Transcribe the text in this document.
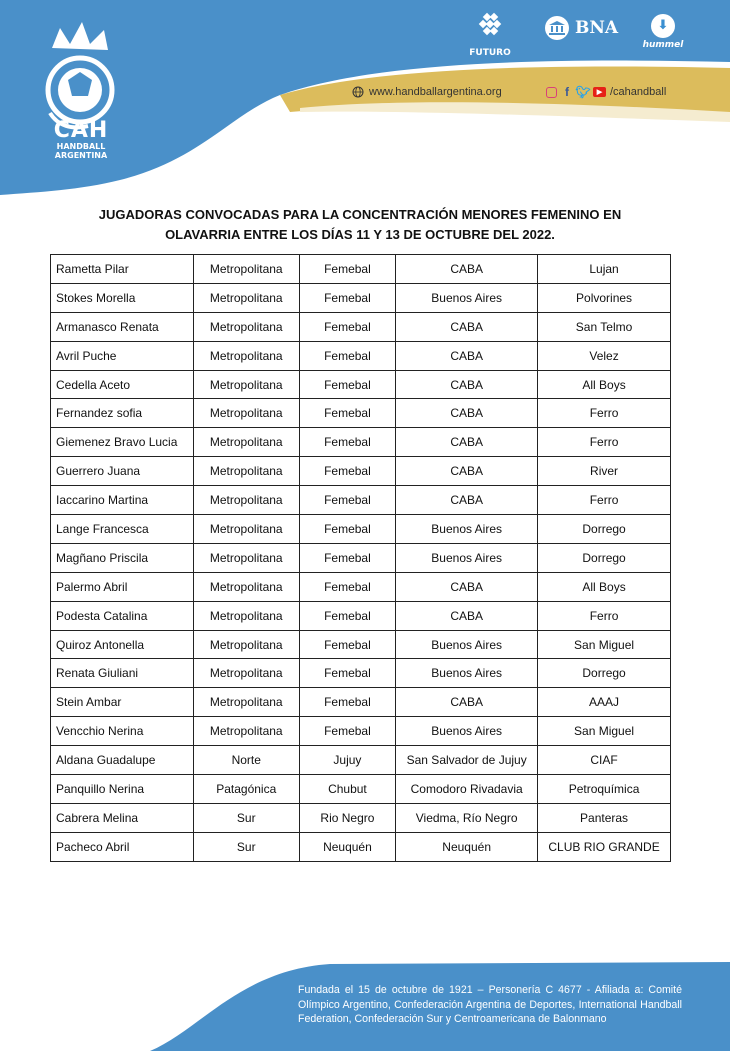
CAH
HANDBALL
ARGENTINA
FUTURO
BNA	⬇
hummel
www.handballargentina.org	f 🐦︎ ▶ /cahandball
JUGADORAS CONVOCADAS PARA LA CONCENTRACIÓN MENORES FEMENINO EN
OLAVARRIA ENTRE LOS DÍAS 11 Y 13 DE OCTUBRE DEL 2022.
Rametta Pilar	Metropolitana	Femebal	CABA	Lujan
Stokes Morella	Metropolitana	Femebal	Buenos Aires	Polvorines
Armanasco Renata	Metropolitana	Femebal	CABA	San Telmo
Avril Puche	Metropolitana	Femebal	CABA	Velez
Cedella Aceto	Metropolitana	Femebal	CABA	All Boys
Fernandez sofia	Metropolitana	Femebal	CABA	Ferro
Giemenez Bravo Lucia	Metropolitana	Femebal	CABA	Ferro
Guerrero Juana	Metropolitana	Femebal	CABA	River
Iaccarino Martina	Metropolitana	Femebal	CABA	Ferro
Lange Francesca	Metropolitana	Femebal	Buenos Aires	Dorrego
Magñano Priscila	Metropolitana	Femebal	Buenos Aires	Dorrego
Palermo Abril	Metropolitana	Femebal	CABA	All Boys
Podesta Catalina	Metropolitana	Femebal	CABA	Ferro
Quiroz Antonella	Metropolitana	Femebal	Buenos Aires	San Miguel
Renata Giuliani	Metropolitana	Femebal	Buenos Aires	Dorrego
Stein Ambar	Metropolitana	Femebal	CABA	AAAJ
Vencchio Nerina	Metropolitana	Femebal	Buenos Aires	San Miguel
Aldana Guadalupe	Norte	Jujuy	San Salvador de Jujuy	CIAF
Panquillo Nerina	Patagónica	Chubut	Comodoro Rivadavia	Petroquímica
Cabrera Melina	Sur	Rio Negro	Viedma, Río Negro	Panteras
Pacheco Abril	Sur	Neuquén	Neuquén	CLUB RIO GRANDE
Fundada el 15 de octubre de 1921 – Personería C 4677 - Afiliada a: Comité Olímpico Argentino, Confederación Argentina de Deportes, International Handball Federation, Confederación Sur y Centroamericana de Balonmano
